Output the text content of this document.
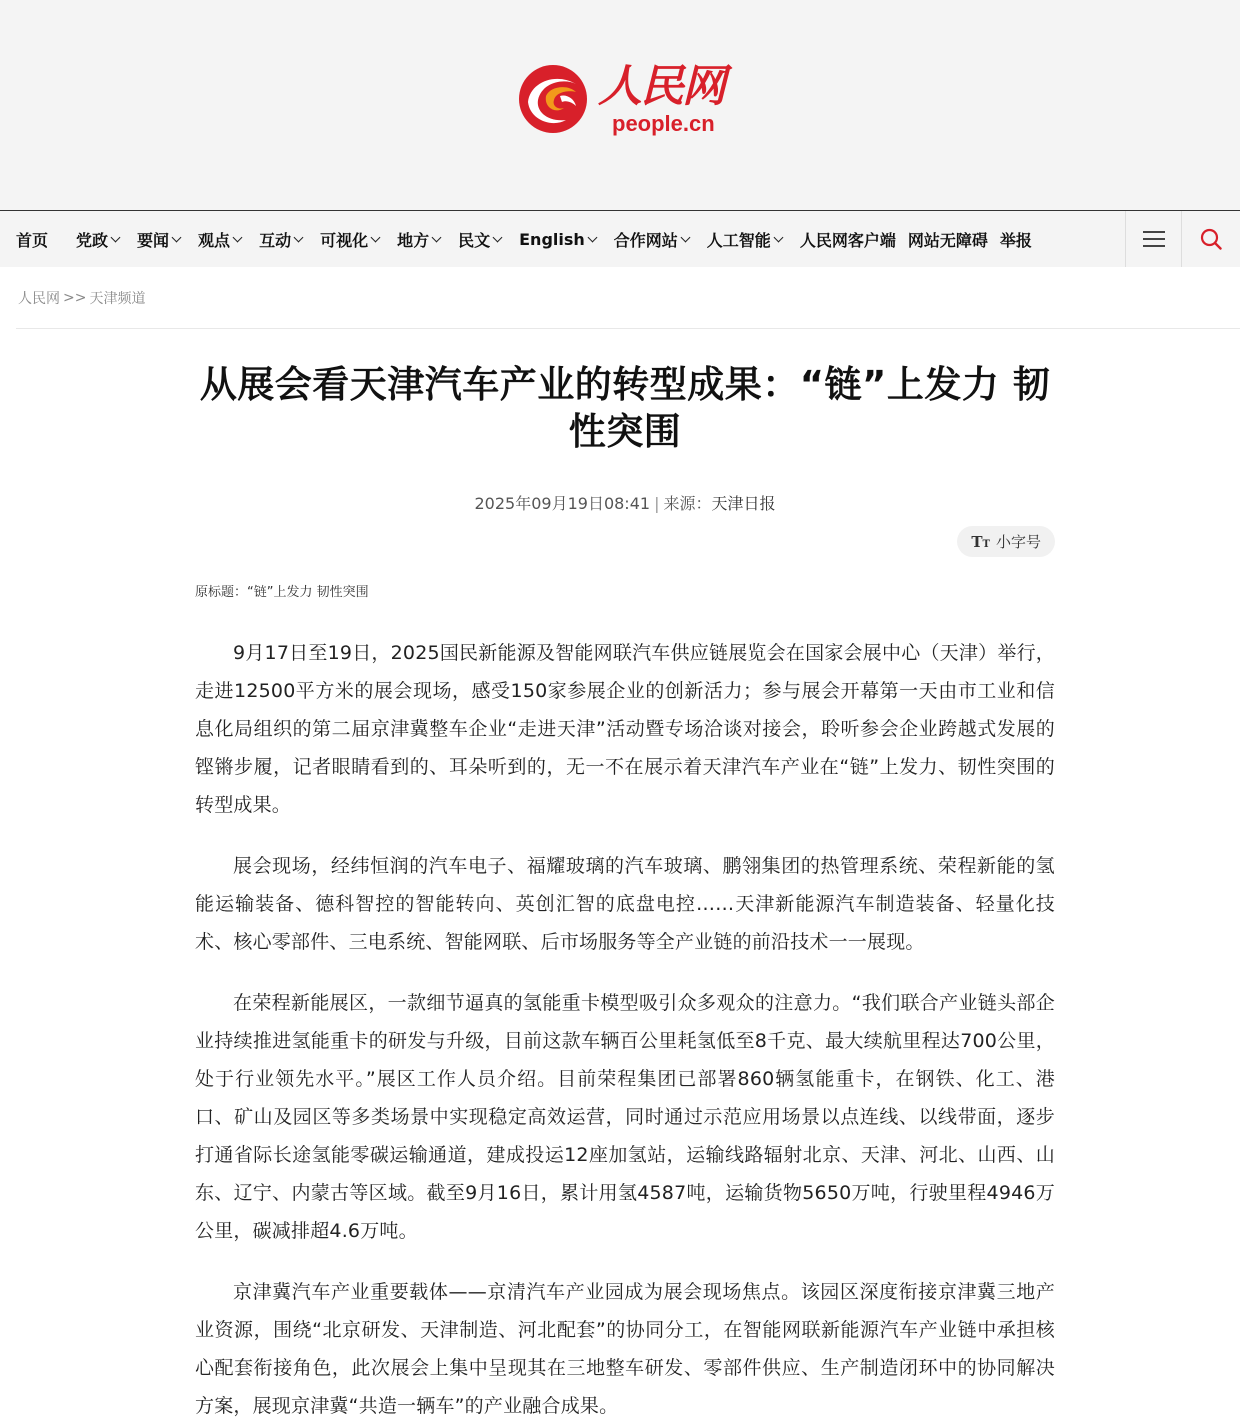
人民网
people.cn
首页 党政 要闻 观点 互动 可视化 地方 民文 English 合作网站 人工智能 人民网客户端 网站无障碍 举报
人民网 >> 天津频道
从展会看天津汽车产业的转型成果：“链”上发力 韧性突围
2025年09月19日08:41 | 来源：天津日报
TT 小字号
原标题：“链”上发力 韧性突围

9月17日至19日，2025国民新能源及智能网联汽车供应链展览会在国家会展中心（天津）举行，走进12500平方米的展会现场，感受150家参展企业的创新活力；参与展会开幕第一天由市工业和信息化局组织的第二届京津冀整车企业“走进天津”活动暨专场洽谈对接会，聆听参会企业跨越式发展的铿锵步履，记者眼睛看到的、耳朵听到的，无一不在展示着天津汽车产业在“链”上发力、韧性突围的转型成果。

展会现场，经纬恒润的汽车电子、福耀玻璃的汽车玻璃、鹏翎集团的热管理系统、荣程新能的氢能运输装备、德科智控的智能转向、英创汇智的底盘电控……天津新能源汽车制造装备、轻量化技术、核心零部件、三电系统、智能网联、后市场服务等全产业链的前沿技术一一展现。

在荣程新能展区，一款细节逼真的氢能重卡模型吸引众多观众的注意力。“我们联合产业链头部企业持续推进氢能重卡的研发与升级，目前这款车辆百公里耗氢低至8千克、最大续航里程达700公里，处于行业领先水平。”展区工作人员介绍。目前荣程集团已部署860辆氢能重卡，在钢铁、化工、港口、矿山及园区等多类场景中实现稳定高效运营，同时通过示范应用场景以点连线、以线带面，逐步打通省际长途氢能零碳运输通道，建成投运12座加氢站，运输线路辐射北京、天津、河北、山西、山东、辽宁、内蒙古等区域。截至9月16日，累计用氢4587吨，运输货物5650万吨，行驶里程4946万公里，碳减排超4.6万吨。

京津冀汽车产业重要载体——京清汽车产业园成为展会现场焦点。该园区深度衔接京津冀三地产业资源，围绕“北京研发、天津制造、河北配套”的协同分工，在智能网联新能源汽车产业链中承担核心配套衔接角色，此次展会上集中呈现其在三地整车研发、零部件供应、生产制造闭环中的协同解决方案，展现京津冀“共造一辆车”的产业融合成果。
